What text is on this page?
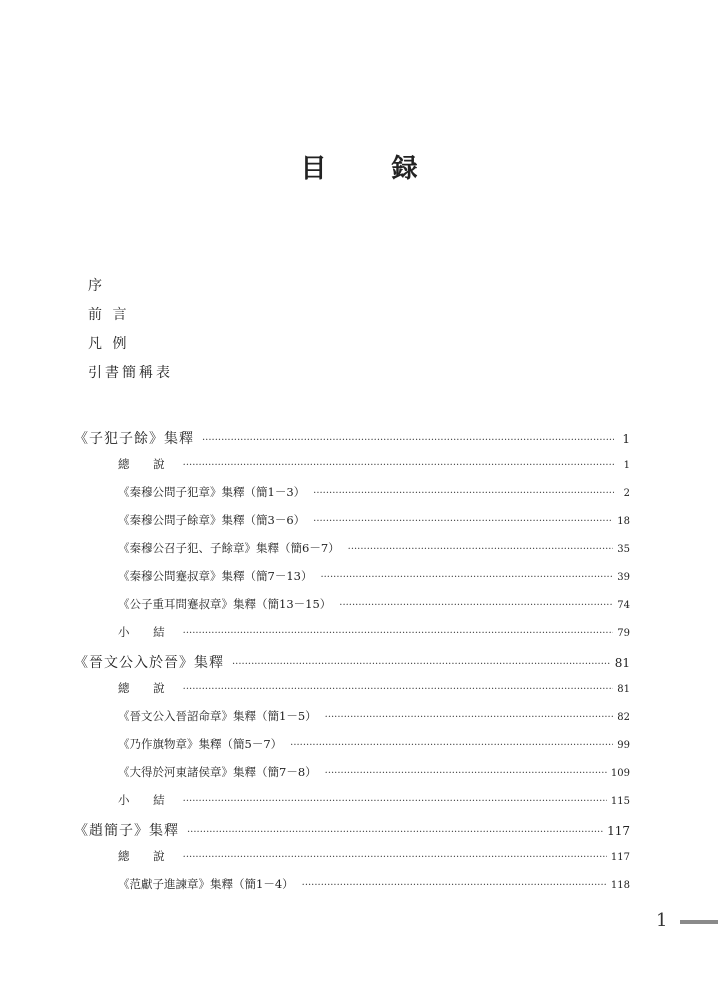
目 録
序
前 言
凡 例
引書簡稱表
《子犯子餘》集釋 ·····	1
總 說 ·····	1
《秦穆公問子犯章》集釋（簡1－3） ·····	2
《秦穆公問子餘章》集釋（簡3－6） ·····	18
《秦穆公召子犯、子餘章》集釋（簡6－7） ·····	35
《秦穆公問蹇叔章》集釋（簡7－13） ·····	39
《公子重耳問蹇叔章》集釋（簡13－15） ·····	74
小 結 ·····	79
《晉文公入於晉》集釋 ·····	81
總 說 ·····	81
《晉文公入晉詔命章》集釋（簡1－5） ·····	82
《乃作旗物章》集釋（簡5－7） ·····	99
《大得於河東諸侯章》集釋（簡7－8） ·····	109
小 結 ·····	115
《趙簡子》集釋 ·····	117
總 說 ·····	117
《范獻子進諫章》集釋（簡1－4） ·····	118
1
